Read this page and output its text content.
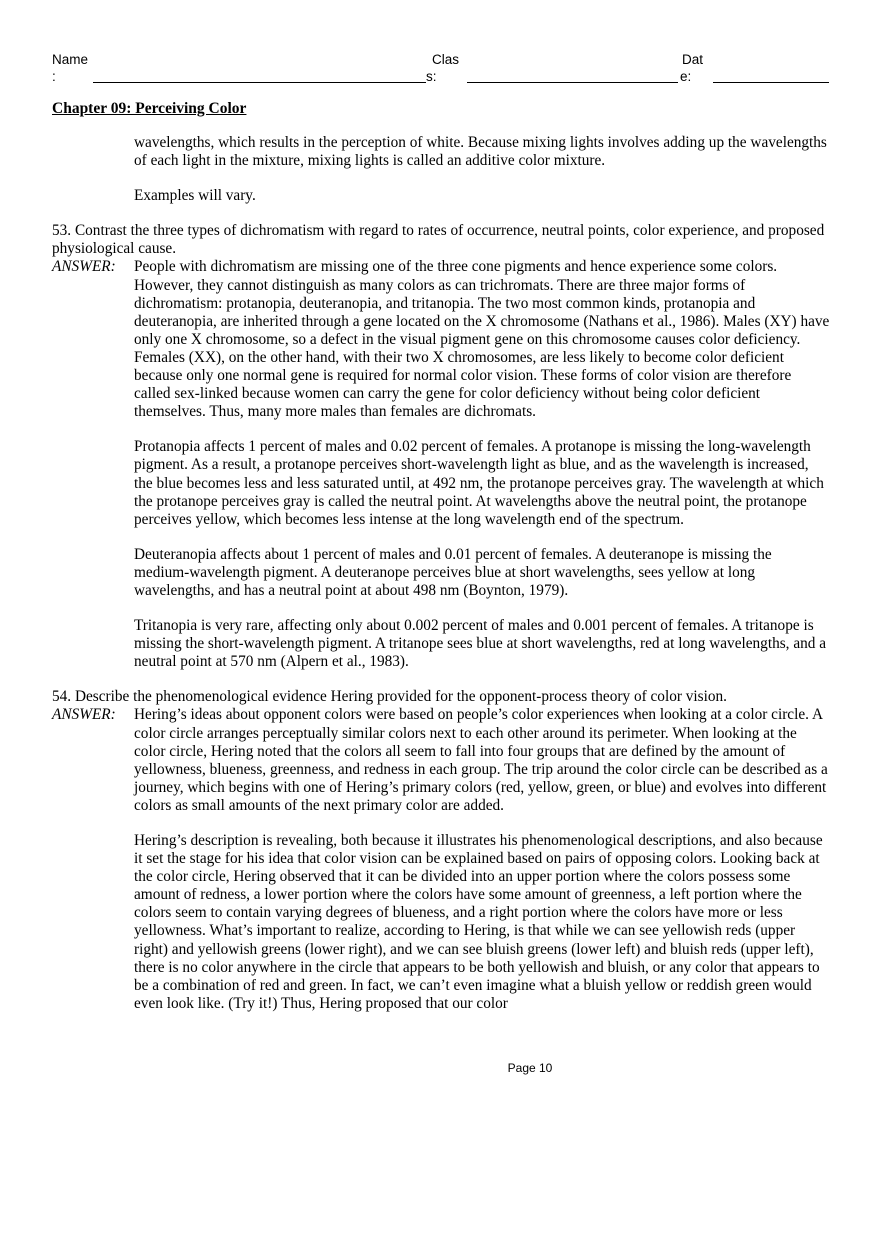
Name
:
Clas
s:
Dat
e:
Chapter 09: Perceiving Color

wavelengths, which results in the perception of white. Because mixing lights involves adding up the wavelengths of each light in the mixture, mixing lights is called an additive color mixture.

Examples will vary.

53. Contrast the three types of dichromatism with regard to rates of occurrence, neutral points, color experience, and proposed physiological cause.

ANSWER:	People with dichromatism are missing one of the three cone pigments and hence experience some colors. However, they cannot distinguish as many colors as can trichromats. There are three major forms of dichromatism: protanopia, deuteranopia, and tritanopia. The two most common kinds, protanopia and deuteranopia, are inherited through a gene located on the X chromosome (Nathans et al., 1986). Males (XY) have only one X chromosome, so a defect in the visual pigment gene on this chromosome causes color deficiency. Females (XX), on the other hand, with their two X chromosomes, are less likely to become color deficient because only one normal gene is required for normal color vision. These forms of color vision are therefore called sex-linked because women can carry the gene for color deficiency without being color deficient themselves. Thus, many more males than females are dichromats.

Protanopia affects 1 percent of males and 0.02 percent of females. A protanope is missing the long-wavelength pigment. As a result, a protanope perceives short-wavelength light as blue, and as the wavelength is increased, the blue becomes less and less saturated until, at 492 nm, the protanope perceives gray. The wavelength at which the protanope perceives gray is called the neutral point. At wavelengths above the neutral point, the protanope perceives yellow, which becomes less intense at the long wavelength end of the spectrum.

Deuteranopia affects about 1 percent of males and 0.01 percent of females. A deuteranope is missing the medium-wavelength pigment. A deuteranope perceives blue at short wavelengths, sees yellow at long wavelengths, and has a neutral point at about 498 nm (Boynton, 1979).

Tritanopia is very rare, affecting only about 0.002 percent of males and 0.001 percent of females. A tritanope is missing the short-wavelength pigment. A tritanope sees blue at short wavelengths, red at long wavelengths, and a neutral point at 570 nm (Alpern et al., 1983).

54. Describe the phenomenological evidence Hering provided for the opponent-process theory of color vision.

ANSWER:	Hering’s ideas about opponent colors were based on people’s color experiences when looking at a color circle. A color circle arranges perceptually similar colors next to each other around its perimeter. When looking at the color circle, Hering noted that the colors all seem to fall into four groups that are defined by the amount of yellowness, blueness, greenness, and redness in each group. The trip around the color circle can be described as a journey, which begins with one of Hering’s primary colors (red, yellow, green, or blue) and evolves into different colors as small amounts of the next primary color are added.

Hering’s description is revealing, both because it illustrates his phenomenological descriptions, and also because it set the stage for his idea that color vision can be explained based on pairs of opposing colors. Looking back at the color circle, Hering observed that it can be divided into an upper portion where the colors possess some amount of redness, a lower portion where the colors have some amount of greenness, a left portion where the colors seem to contain varying degrees of blueness, and a right portion where the colors have more or less yellowness. What’s important to realize, according to Hering, is that while we can see yellowish reds (upper right) and yellowish greens (lower right), and we can see bluish greens (lower left) and bluish reds (upper left), there is no color anywhere in the circle that appears to be both yellowish and bluish, or any color that appears to be a combination of red and green. In fact, we can’t even imagine what a bluish yellow or reddish green would even look like. (Try it!) Thus, Hering proposed that our color

Page 10
